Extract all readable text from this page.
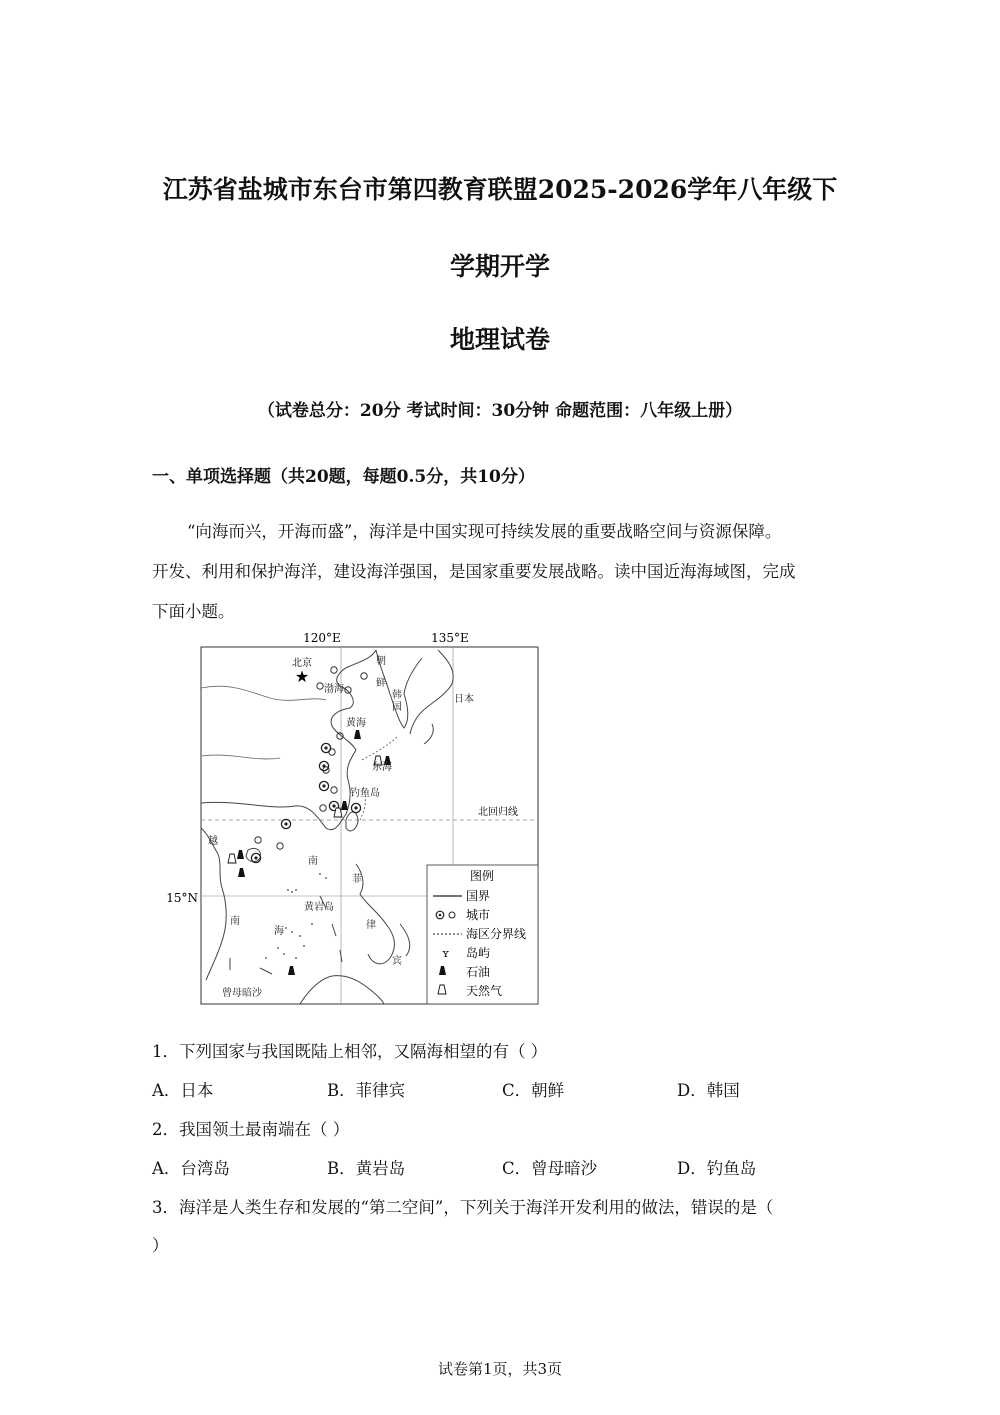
江苏省盐城市东台市第四教育联盟2025-2026学年八年级下
学期开学
地理试卷
（试卷总分：20分 考试时间：30分钟 命题范围：八年级上册）
一、单项选择题（共20题，每题0.5分，共10分）

“向海而兴，开海而盛”，海洋是中国实现可持续发展的重要战略空间与资源保障。

开发、利用和保护海洋，建设海洋强国，是国家重要发展战略。读中国近海海域图，完成

下面小题。

120°E	135°E
15°N
北回归线
★
北京
渤海
黄海
东海
钓鱼岛
朝
鲜
韩
国
日本
越
南
南
海
黄岩岛
菲
律
宾
曾母暗沙
图例
国界
城市
海区分界线
ʏ 岛屿
石油
天然气
1．下列国家与我国既陆上相邻，又隔海相望的有（ ）
A．日本	B．菲律宾	C．朝鲜	D．韩国
2．我国领土最南端在（ ）
A．台湾岛	B．黄岩岛	C．曾母暗沙	D．钓鱼岛
3．海洋是人类生存和发展的“第二空间”，下列关于海洋开发利用的做法，错误的是（
）
试卷第1页，共3页
